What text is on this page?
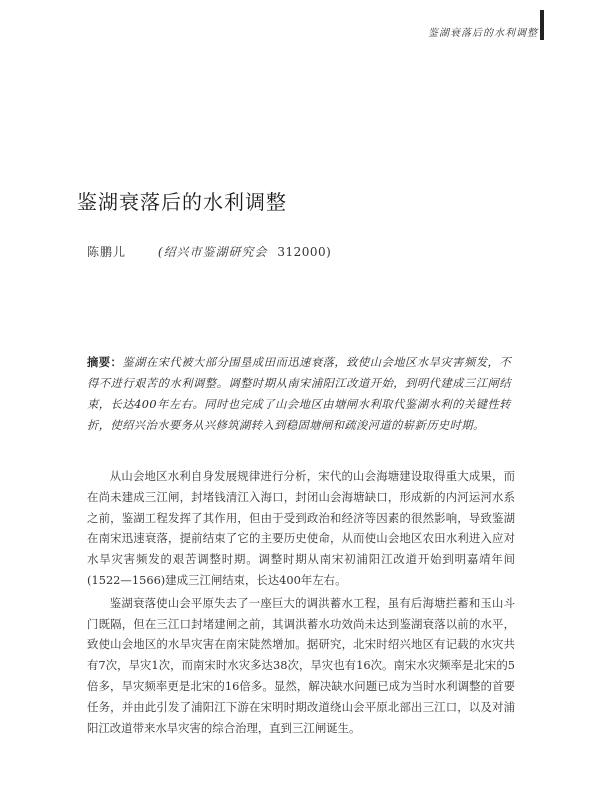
鉴湖衰落后的水利调整
鉴湖衰落后的水利调整
陈鹏儿	(绍兴市鉴湖研究会 312000)
摘要：鉴湖在宋代被大部分围垦成田而迅速衰落，致使山会地区水旱灾害频发，不得不进行艰苦的水利调整。调整时期从南宋浦阳江改道开始，到明代建成三江闸结束，长达400年左右。同时也完成了山会地区由塘闸水利取代鉴湖水利的关键性转折，使绍兴治水要务从兴修筑湖转入到稳固塘闸和疏浚河道的崭新历史时期。

从山会地区水利自身发展规律进行分析，宋代的山会海塘建设取得重大成果，而在尚未建成三江闸，封堵钱清江入海口，封闭山会海塘缺口，形成新的内河运河水系之前，鉴湖工程发挥了其作用，但由于受到政治和经济等因素的很然影响，导致鉴湖在南宋迅速衰落，提前结束了它的主要历史使命，从而使山会地区农田水利进入应对水旱灾害频发的艰苦调整时期。调整时期从南宋初浦阳江改道开始到明嘉靖年间(1522—1566)建成三江闸结束，长达400年左右。

鉴湖衰落使山会平原失去了一座巨大的调洪蓄水工程，虽有后海塘拦蓄和玉山斗门既隔，但在三江口封堵建闸之前，其调洪蓄水功效尚未达到鉴湖衰落以前的水平，致使山会地区的水旱灾害在南宋陡然增加。据研究，北宋时绍兴地区有记载的水灾共有7次，旱灾1次，而南宋时水灾多达38次，旱灾也有16次。南宋水灾频率是北宋的5倍多，旱灾频率更是北宋的16倍多。显然，解决缺水问题已成为当时水利调整的首要任务，并由此引发了浦阳江下游在宋明时期改道绕山会平原北部出三江口，以及对浦阳江改道带来水旱灾害的综合治理，直到三江闸诞生。
